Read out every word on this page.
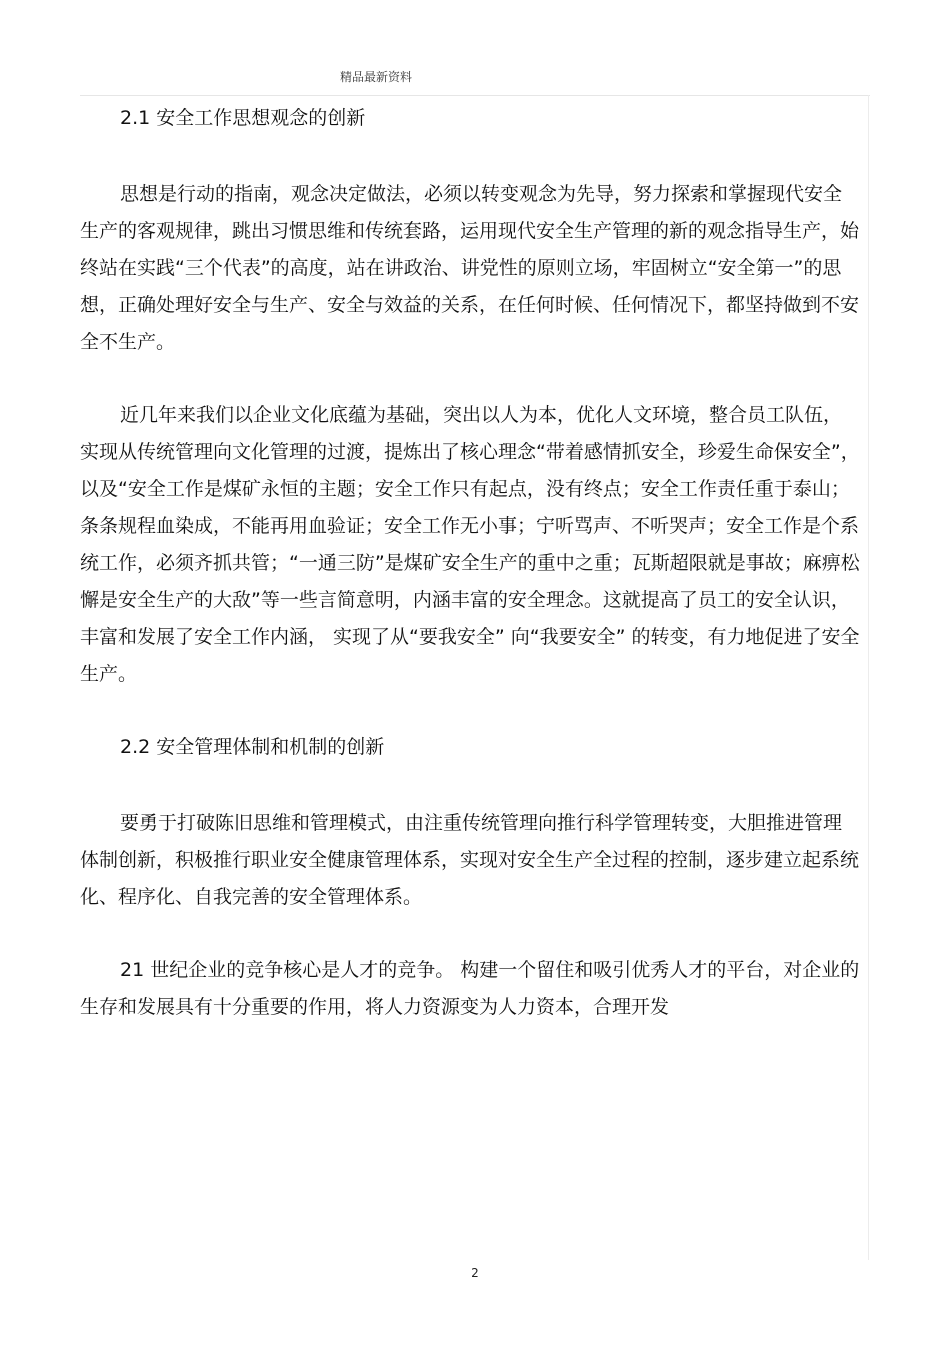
精品最新资料

2.1 安全工作思想观念的创新

思想是行动的指南，观念决定做法，必须以转变观念为先导，努力探索和掌握现代安全生产的客观规律，跳出习惯思维和传统套路，运用现代安全生产管理的新的观念指导生产，始终站在实践“三个代表”的高度，站在讲政治、讲党性的原则立场，牢固树立“安全第一”的思想，正确处理好安全与生产、安全与效益的关系，在任何时候、任何情况下，都坚持做到不安全不生产。

近几年来我们以企业文化底蕴为基础，突出以人为本，优化人文环境，整合员工队伍，实现从传统管理向文化管理的过渡，提炼出了核心理念“带着感情抓安全，珍爱生命保安全”，以及“安全工作是煤矿永恒的主题；安全工作只有起点，没有终点；安全工作责任重于泰山；条条规程血染成，不能再用血验证；安全工作无小事；宁听骂声、不听哭声；安全工作是个系统工作，必须齐抓共管；“一通三防”是煤矿安全生产的重中之重；瓦斯超限就是事故；麻痹松懈是安全生产的大敌”等一些言简意明，内涵丰富的安全理念。这就提高了员工的安全认识，丰富和发展了安全工作内涵， 实现了从“要我安全” 向“我要安全” 的转变，有力地促进了安全生产。

2.2 安全管理体制和机制的创新

要勇于打破陈旧思维和管理模式，由注重传统管理向推行科学管理转变，大胆推进管理体制创新，积极推行职业安全健康管理体系，实现对安全生产全过程的控制，逐步建立起系统化、程序化、自我完善的安全管理体系。

21 世纪企业的竞争核心是人才的竞争。 构建一个留住和吸引优秀人才的平台，对企业的生存和发展具有十分重要的作用，将人力资源变为人力资本，合理开发

2
